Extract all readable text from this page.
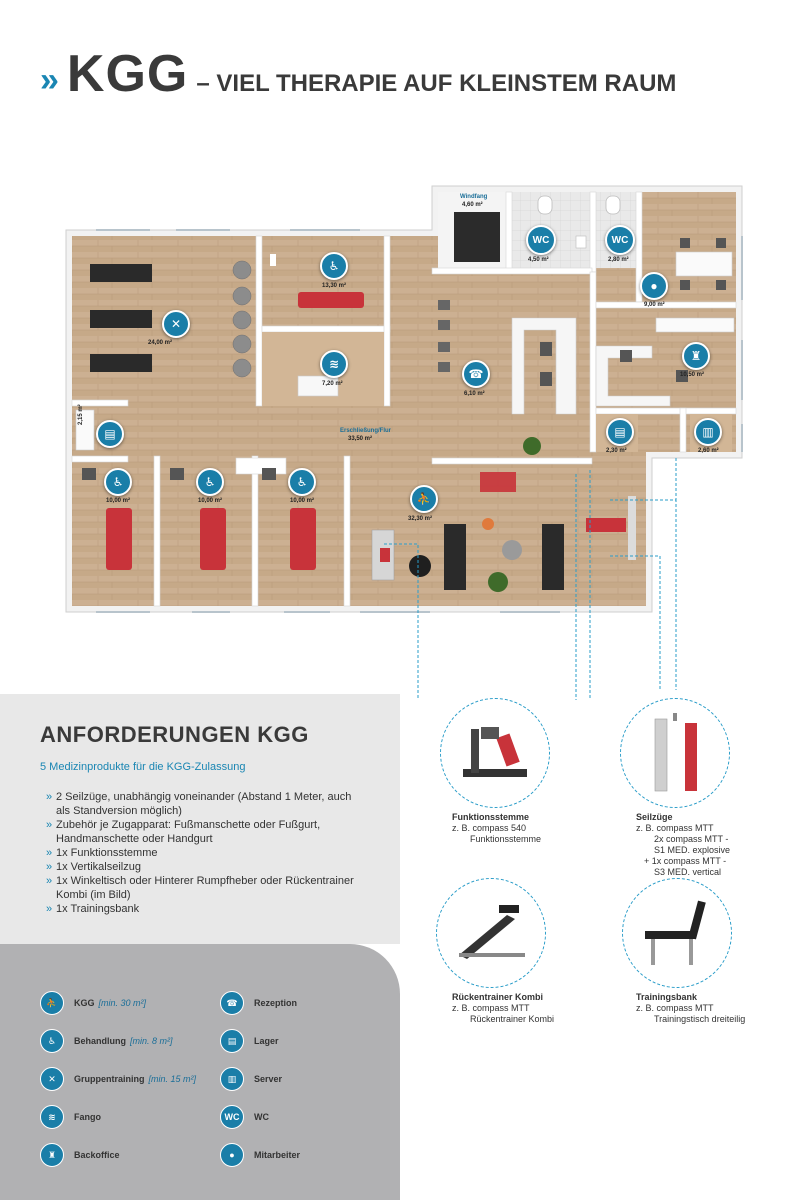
» KGG – VIEL THERAPIE AUF KLEINSTEM RAUM
Windfang
4,60 m²
WC
4,50 m²
WC
2,80 m²
♿
13,30 m²
✕
24,00 m²
●
9,00 m²
≋
7,20 m²
☎
6,10 m²
♜
10,50 m²
▤
2,15 m²
Erschließung/Flur
33,50 m²	▤
2,30 m²
▥
2,60 m²
♿
10,00 m²
♿
10,00 m²
♿
10,00 m²	⛹
32,30 m²
ANFORDERUNGEN KGG
5 Medizinprodukte für die KGG-Zulassung
» 2 Seilzüge, unabhängig voneinander (Abstand 1 Meter, auch als Standversion möglich)
» Zubehör je Zugapparat: Fußmanschette oder Fußgurt, Handmanschette oder Handgurt
» 1x Funktionsstemme
» 1x Vertikalseilzug
» 1x Winkeltisch oder Hinterer Rumpfheber oder Rückentrainer Kombi (im Bild)
» 1x Trainingsbank
⛹	KGG [min. 30 m²]	☎	Rezeption
♿	Behandlung [min. 8 m²]	▤	Lager
✕	Gruppentraining [min. 15 m²]	▥	Server
≋	Fango	WC	WC
♜	Backoffice	●	Mitarbeiter
Funktionsstemme
z. B. compass 540
Funktionsstemme
Seilzüge
z. B. compass MTT
2x compass MTT -
S1 MED. explosive
+ 1x compass MTT -
S3 MED. vertical
Rückentrainer Kombi
z. B. compass MTT
Rückentrainer Kombi
Trainingsbank
z. B. compass MTT
Trainingstisch dreiteilig
